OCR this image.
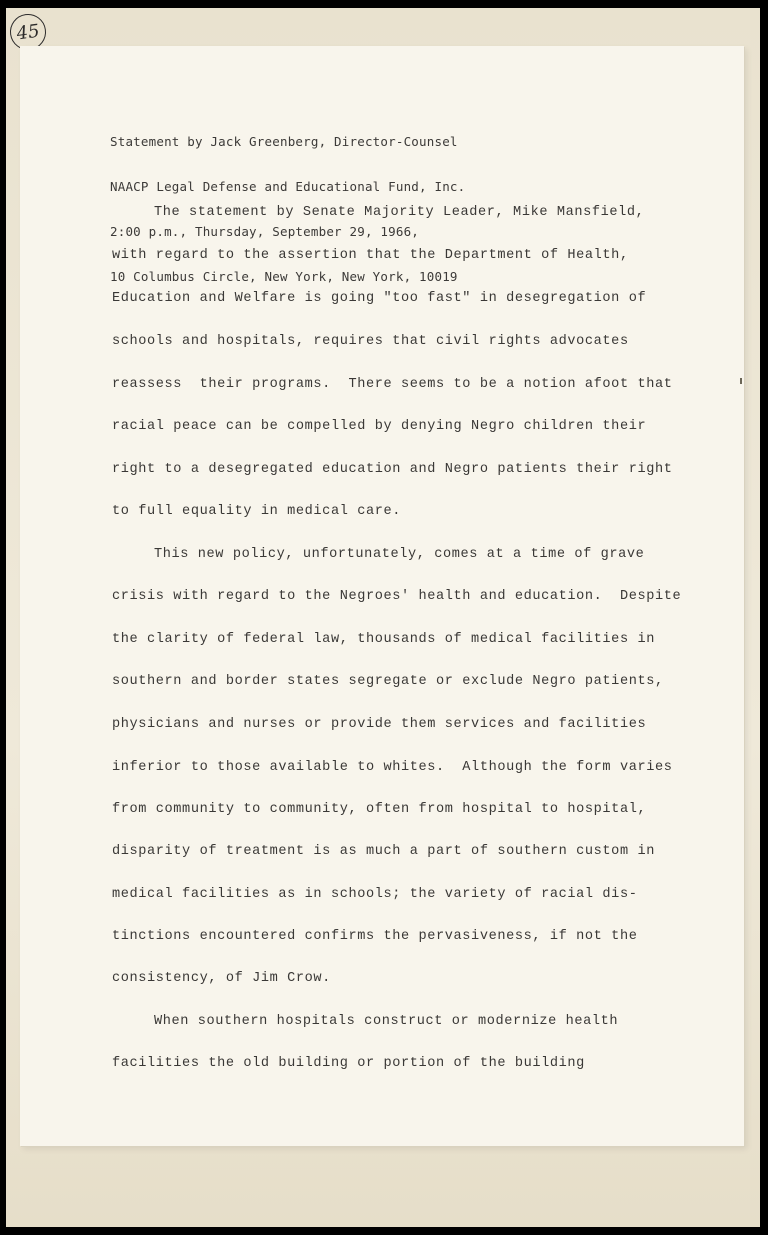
45

Statement by Jack Greenberg, Director-Counsel

NAACP Legal Defense and Educational Fund, Inc.

2:00 p.m., Thursday, September 29, 1966,

10 Columbus Circle, New York, New York, 10019

The statement by Senate Majority Leader, Mike Mansfield,
with regard to the assertion that the Department of Health,
Education and Welfare is going "too fast" in desegregation of
schools and hospitals, requires that civil rights advocates
reassess  their programs.  There seems to be a notion afoot that
racial peace can be compelled by denying Negro children their
right to a desegregated education and Negro patients their right
to full equality in medical care.
This new policy, unfortunately, comes at a time of grave
crisis with regard to the Negroes' health and education.  Despite
the clarity of federal law, thousands of medical facilities in
southern and border states segregate or exclude Negro patients,
physicians and nurses or provide them services and facilities
inferior to those available to whites.  Although the form varies
from community to community, often from hospital to hospital,
disparity of treatment is as much a part of southern custom in
medical facilities as in schools; the variety of racial dis-
tinctions encountered confirms the pervasiveness, if not the
consistency, of Jim Crow.
When southern hospitals construct or modernize health
facilities the old building or portion of the building
